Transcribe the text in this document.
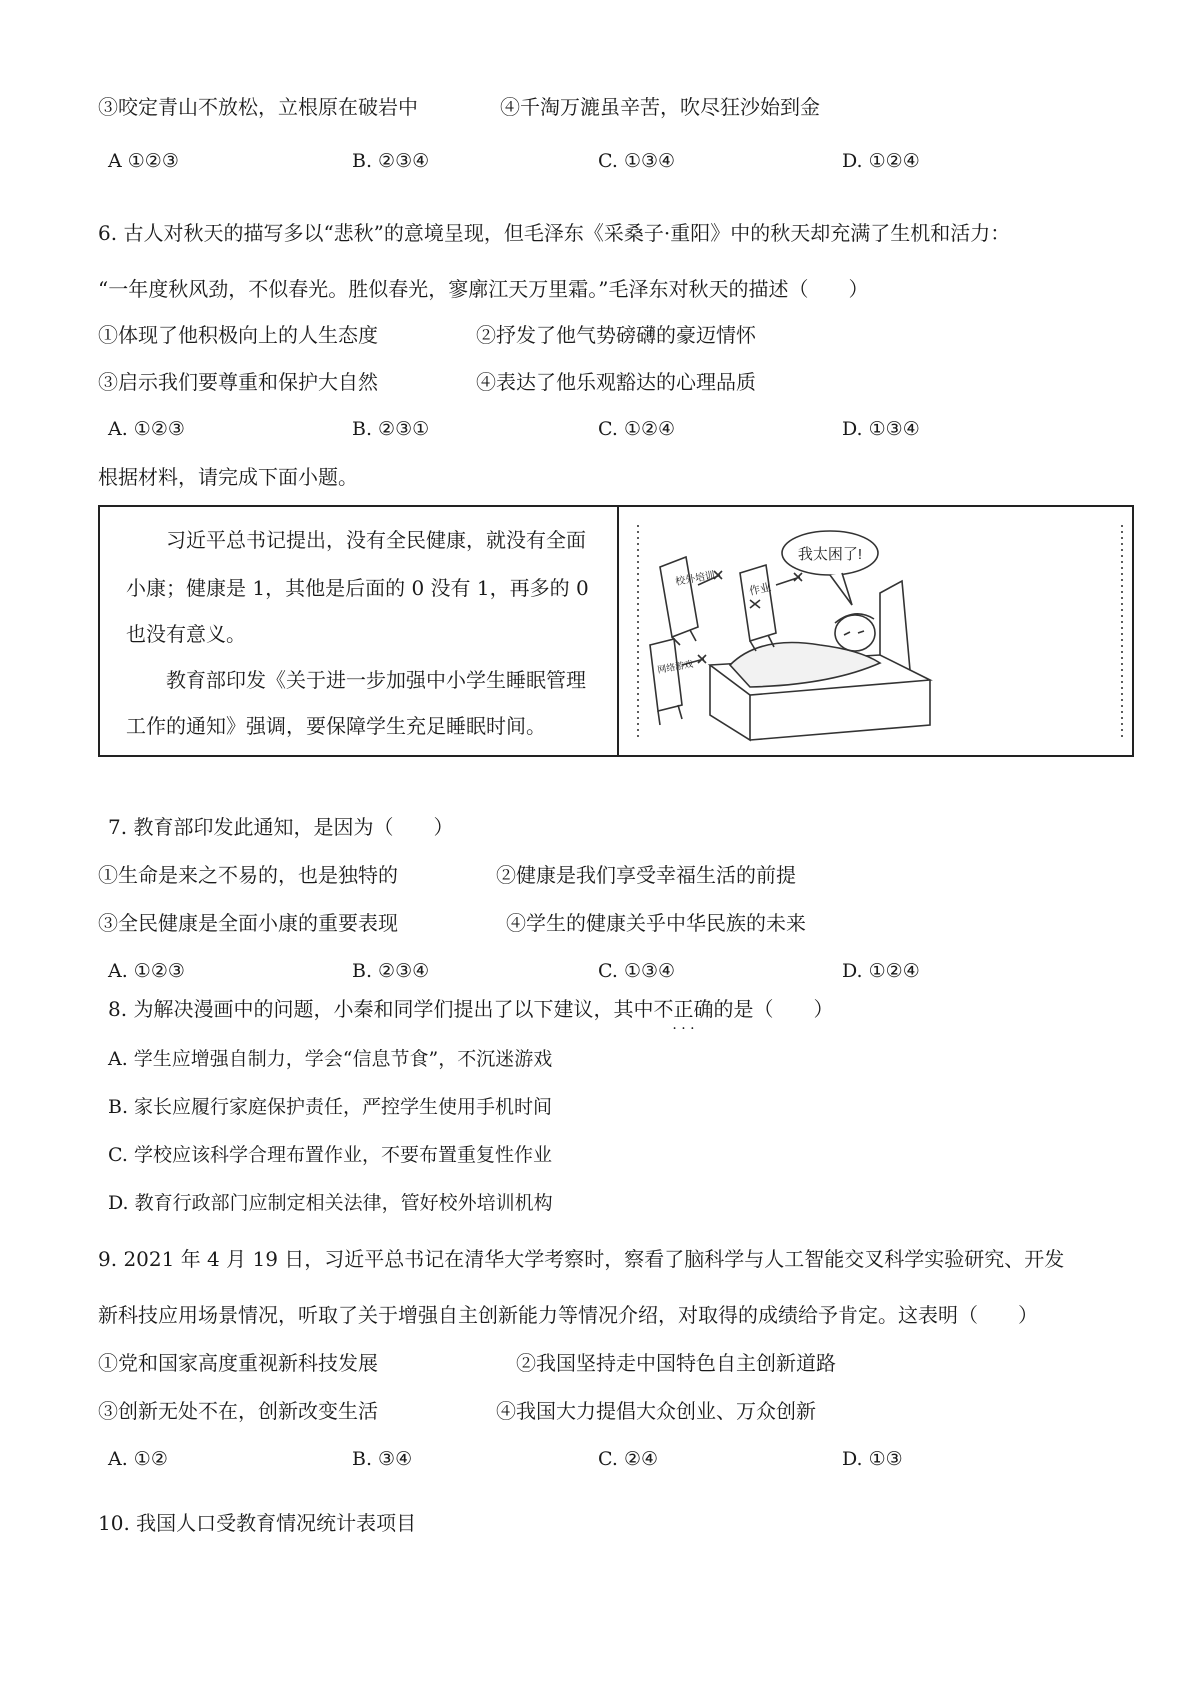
③咬定青山不放松，立根原在破岩中	④千淘万漉虽辛苦，吹尽狂沙始到金
A ①②③	B. ②③④	C. ①③④	D. ①②④
6. 古人对秋天的描写多以“悲秋”的意境呈现，但毛泽东《采桑子·重阳》中的秋天却充满了生机和活力：
“一年度秋风劲，不似春光。胜似春光，寥廓江天万里霜。”毛泽东对秋天的描述（　　）
①体现了他积极向上的人生态度	②抒发了他气势磅礴的豪迈情怀
③启示我们要尊重和保护大自然	④表达了他乐观豁达的心理品质
A. ①②③	B. ②③①	C. ①②④	D. ①③④
根据材料，请完成下面小题。
习近平总书记提出，没有全民健康，就没有全面
小康；健康是 1，其他是后面的 0 没有 1，再多的 0
也没有意义。
教育部印发《关于进一步加强中小学生睡眠管理
工作的通知》强调，要保障学生充足睡眠时间。
我太困了!
校外培训
作业
网络游戏
7. 教育部印发此通知，是因为（　　）
①生命是来之不易的，也是独特的	②健康是我们享受幸福生活的前提
③全民健康是全面小康的重要表现	④学生的健康关乎中华民族的未来
A. ①②③	B. ②③④	C. ①③④	D. ①②④
8. 为解决漫画中的问题，小秦和同学们提出了以下建议，其中不正确
· · ·
的是（　　）
A. 学生应增强自制力，学会“信息节食”，不沉迷游戏
B. 家长应履行家庭保护责任，严控学生使用手机时间
C. 学校应该科学合理布置作业，不要布置重复性作业
D. 教育行政部门应制定相关法律，管好校外培训机构
9. 2021 年 4 月 19 日，习近平总书记在清华大学考察时，察看了脑科学与人工智能交叉科学实验研究、开发
新科技应用场景情况，听取了关于增强自主创新能力等情况介绍，对取得的成绩给予肯定。这表明（　　）
①党和国家高度重视新科技发展	②我国坚持走中国特色自主创新道路
③创新无处不在，创新改变生活	④我国大力提倡大众创业、万众创新
A. ①②	B. ③④	C. ②④	D. ①③
10. 我国人口受教育情况统计表项目
